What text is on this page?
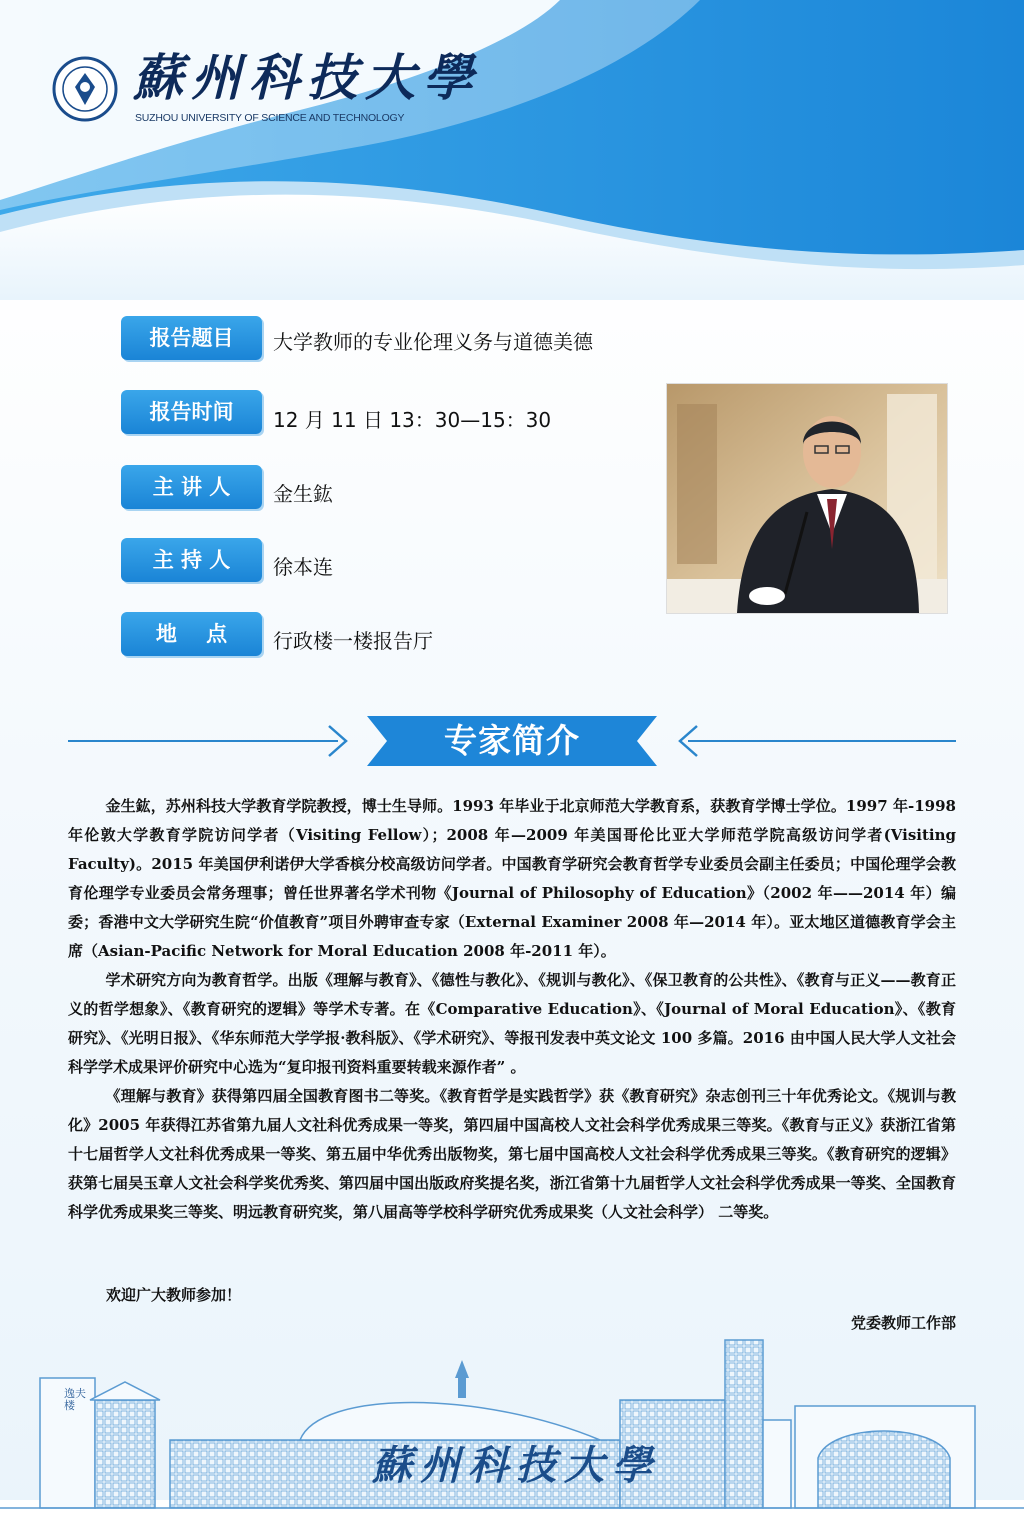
蘇州科技大學
SUZHOU UNIVERSITY OF SCIENCE AND TECHNOLOGY
报告题目	大学教师的专业伦理义务与道德美德
报告时间	12 月 11 日 13：30—15：30
主 讲 人	金生鈜
主 持 人	徐本连
地    点	行政楼一楼报告厅
专家简介

金生鈜，苏州科技大学教育学院教授，博士生导师。1993 年毕业于北京师范大学教育系，获教育学博士学位。1997 年-1998 年伦敦大学教育学院访问学者（Visiting Fellow）；2008 年—2009 年美国哥伦比亚大学师范学院高级访问学者(Visiting Faculty)。2015 年美国伊利诺伊大学香槟分校高级访问学者。中国教育学研究会教育哲学专业委员会副主任委员；中国伦理学会教育伦理学专业委员会常务理事；曾任世界著名学术刊物《Journal of Philosophy of Education》（2002 年——2014 年）编委；香港中文大学研究生院“价值教育”项目外聘审查专家（External Examiner 2008 年—2014 年）。亚太地区道德教育学会主席（Asian-Pacific Network for Moral Education 2008 年-2011 年）。

学术研究方向为教育哲学。出版《理解与教育》、《德性与教化》、《规训与教化》、《保卫教育的公共性》、《教育与正义——教育正义的哲学想象》、《教育研究的逻辑》等学术专著。在《Comparative Education》、《Journal of Moral Education》、《教育研究》、《光明日报》、《华东师范大学学报·教科版》、《学术研究》、等报刊发表中英文论文 100 多篇。2016 由中国人民大学人文社会科学学术成果评价研究中心选为“复印报刊资料重要转载来源作者” 。

《理解与教育》获得第四届全国教育图书二等奖。《教育哲学是实践哲学》获《教育研究》杂志创刊三十年优秀论文。《规训与教化》2005 年获得江苏省第九届人文社科优秀成果一等奖，第四届中国高校人文社会科学优秀成果三等奖。《教育与正义》获浙江省第十七届哲学人文社科优秀成果一等奖、第五届中华优秀出版物奖，第七届中国高校人文社会科学优秀成果三等奖。《教育研究的逻辑》获第七届吴玉章人文社会科学奖优秀奖、第四届中国出版政府奖提名奖，浙江省第十九届哲学人文社会科学优秀成果一等奖、全国教育科学优秀成果奖三等奖、明远教育研究奖，第八届高等学校科学研究优秀成果奖（人文社会科学） 二等奖。

欢迎广大教师参加！
党委教师工作部
逸夫楼
蘇州科技大學
